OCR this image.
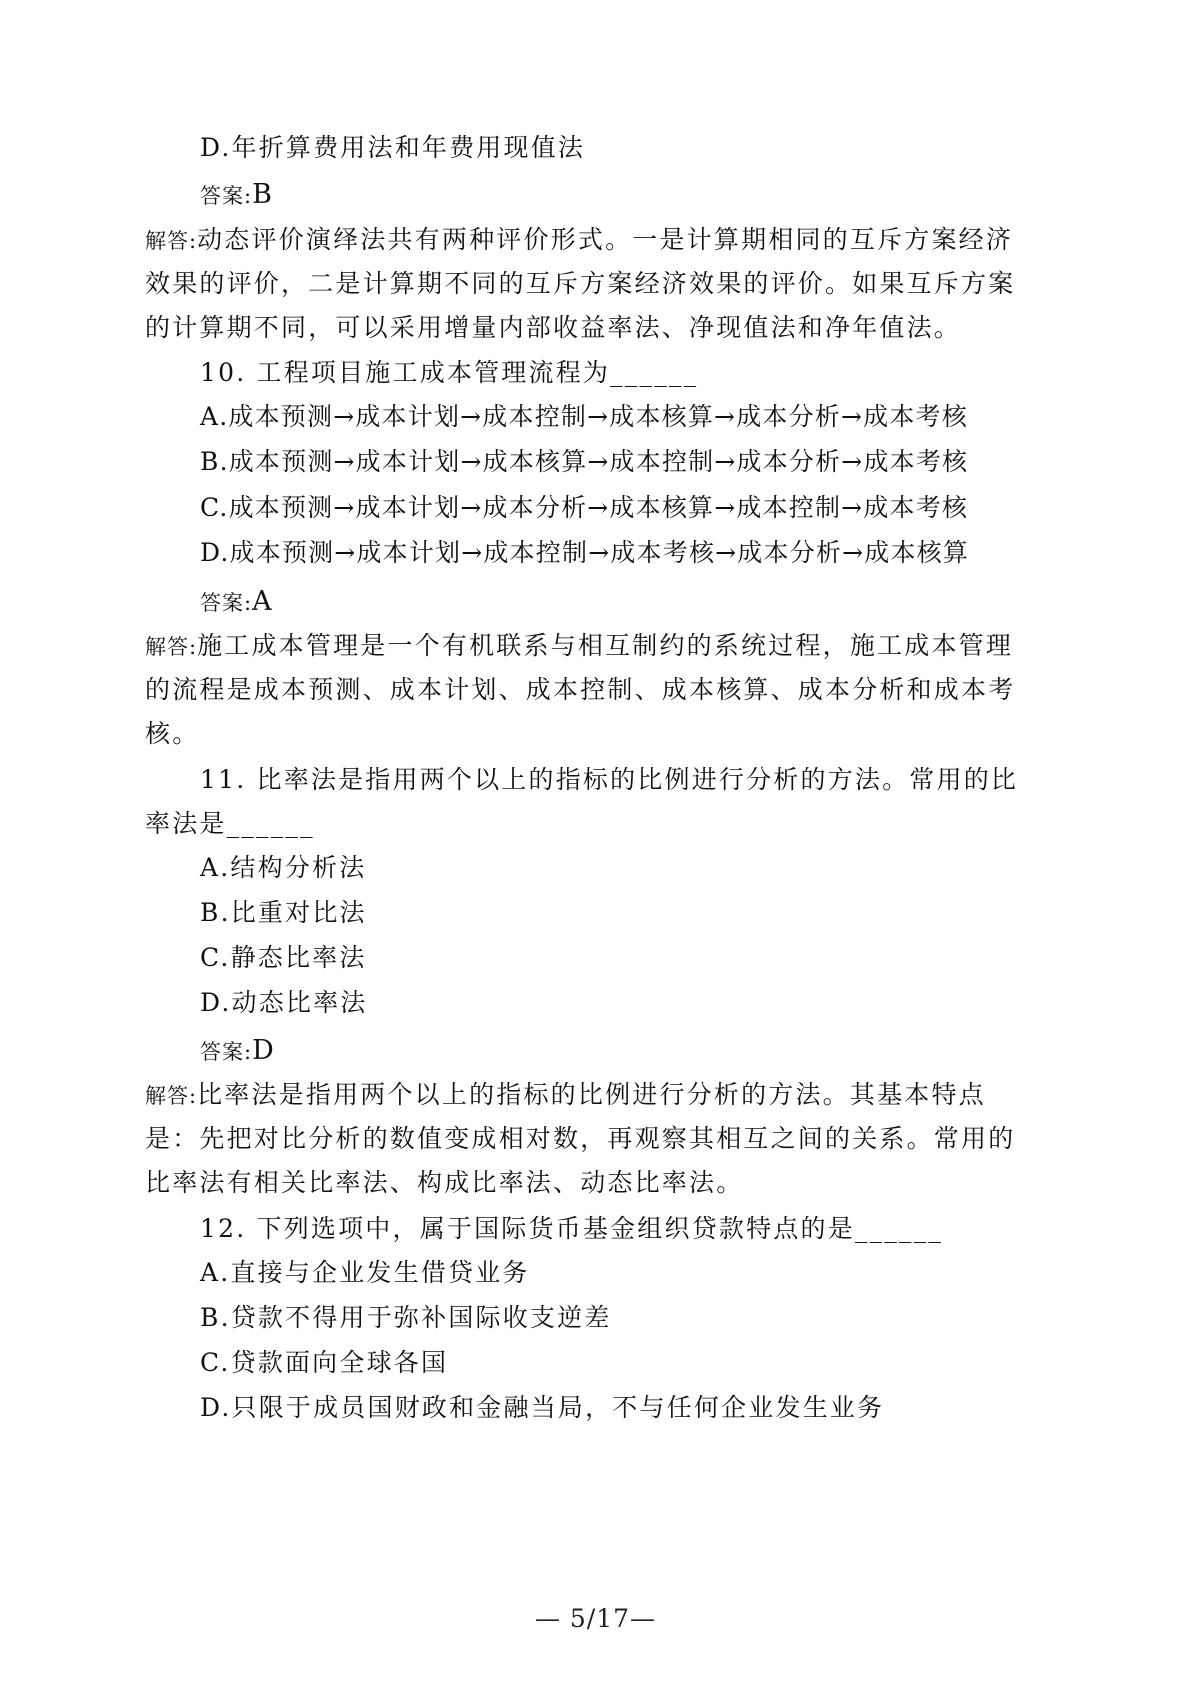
D.年折算费用法和年费用现值法
答案:B
解答:动态评价演绎法共有两种评价形式。一是计算期相同的互斥方案经济
效果的评价，二是计算期不同的互斥方案经济效果的评价。如果互斥方案
的计算期不同，可以采用增量内部收益率法、净现值法和净年值法。
10. 工程项目施工成本管理流程为______
A.成本预测→成本计划→成本控制→成本核算→成本分析→成本考核
B.成本预测→成本计划→成本核算→成本控制→成本分析→成本考核
C.成本预测→成本计划→成本分析→成本核算→成本控制→成本考核
D.成本预测→成本计划→成本控制→成本考核→成本分析→成本核算
答案:A
解答:施工成本管理是一个有机联系与相互制约的系统过程，施工成本管理
的流程是成本预测、成本计划、成本控制、成本核算、成本分析和成本考
核。
11. 比率法是指用两个以上的指标的比例进行分析的方法。常用的比
率法是______
A.结构分析法
B.比重对比法
C.静态比率法
D.动态比率法
答案:D
解答:比率法是指用两个以上的指标的比例进行分析的方法。其基本特点
是：先把对比分析的数值变成相对数，再观察其相互之间的关系。常用的
比率法有相关比率法、构成比率法、动态比率法。
12. 下列选项中，属于国际货币基金组织贷款特点的是______
A.直接与企业发生借贷业务
B.贷款不得用于弥补国际收支逆差
C.贷款面向全球各国
D.只限于成员国财政和金融当局，不与任何企业发生业务
— 5/17—
